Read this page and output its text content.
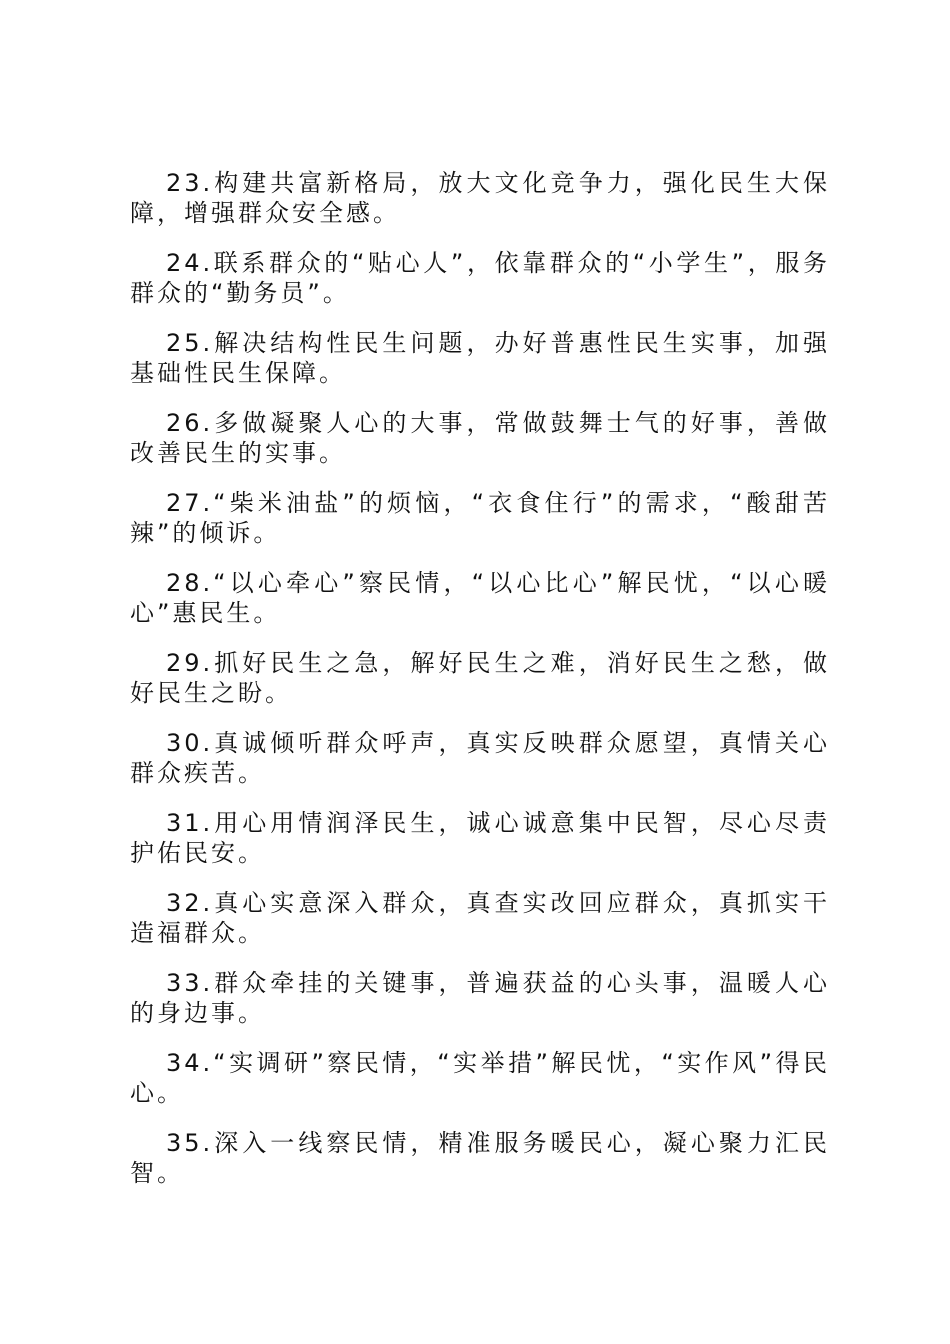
23.构建共富新格局，放大文化竞争力，强化民生大保障，增强群众安全感。

24.联系群众的“贴心人”，依靠群众的“小学生”，服务群众的“勤务员”。

25.解决结构性民生问题，办好普惠性民生实事，加强基础性民生保障。

26.多做凝聚人心的大事，常做鼓舞士气的好事，善做改善民生的实事。

27.“柴米油盐”的烦恼，“衣食住行”的需求，“酸甜苦辣”的倾诉。

28.“以心牵心”察民情，“以心比心”解民忧，“以心暖心”惠民生。

29.抓好民生之急，解好民生之难，消好民生之愁，做好民生之盼。

30.真诚倾听群众呼声，真实反映群众愿望，真情关心群众疾苦。

31.用心用情润泽民生，诚心诚意集中民智，尽心尽责护佑民安。

32.真心实意深入群众，真查实改回应群众，真抓实干造福群众。

33.群众牵挂的关键事，普遍获益的心头事，温暖人心的身边事。

34.“实调研”察民情，“实举措”解民忧，“实作风”得民心。

35.深入一线察民情，精准服务暖民心，凝心聚力汇民智。
